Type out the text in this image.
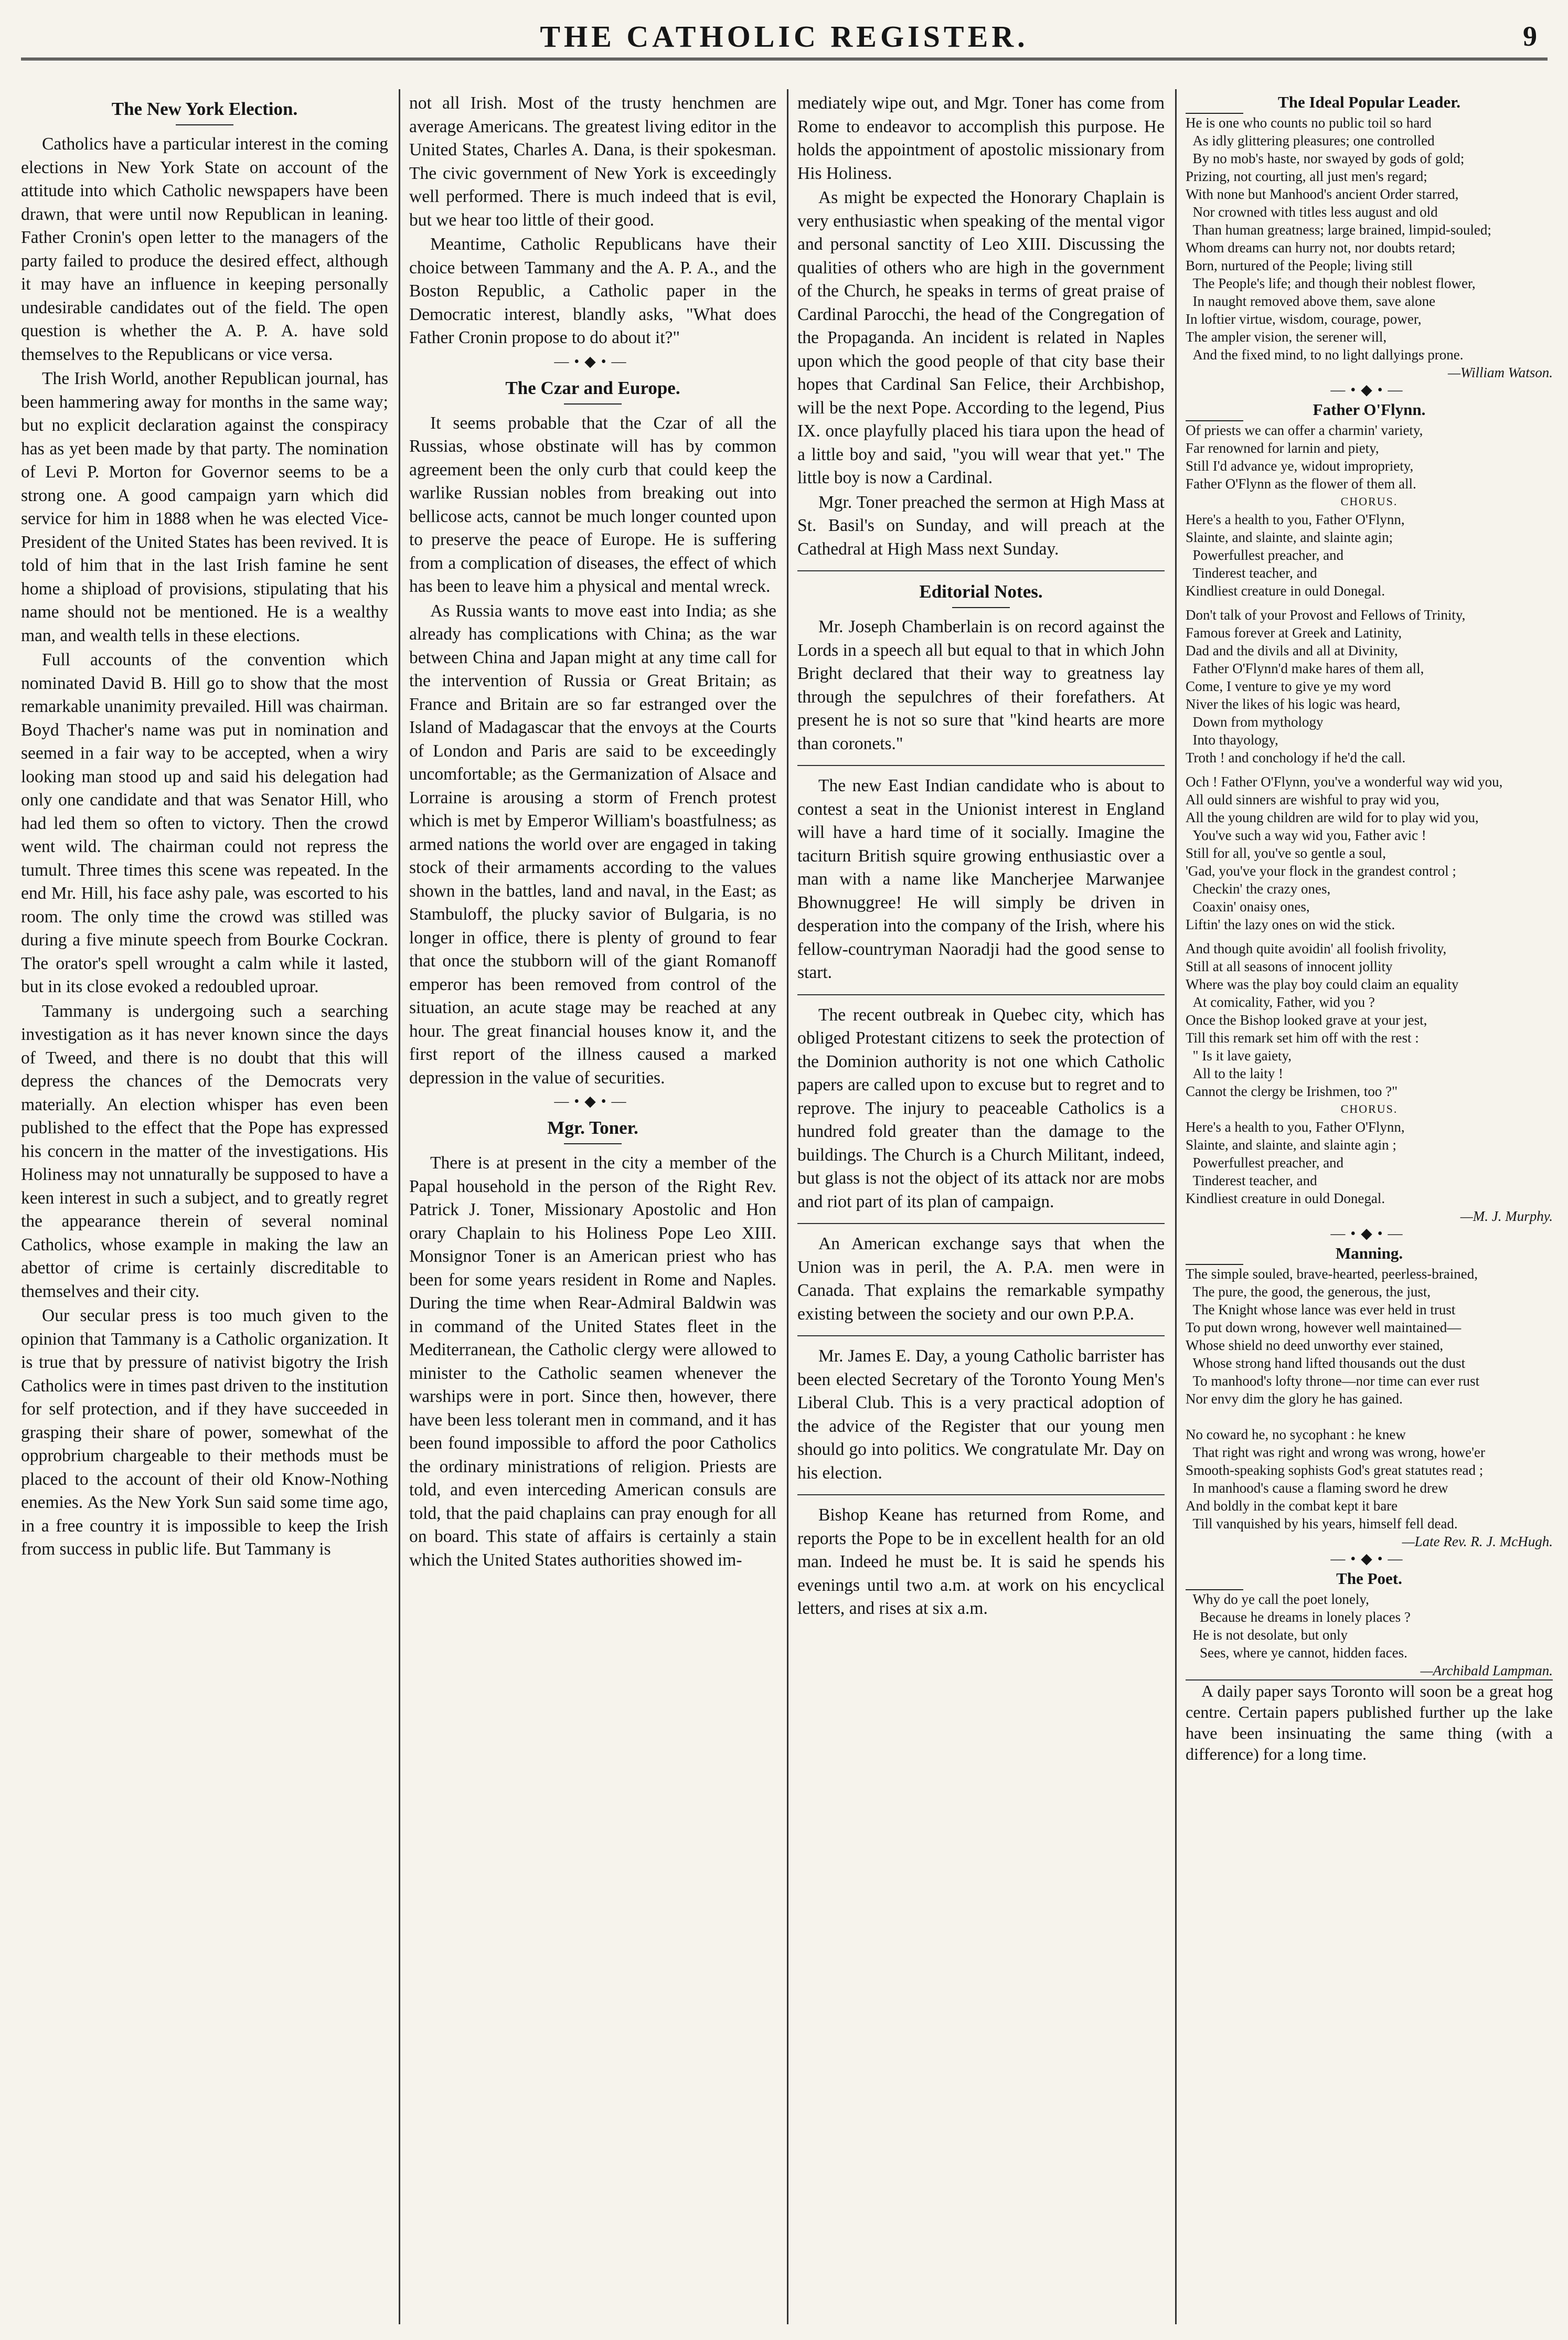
THE CATHOLIC REGISTER.	9
The New York Election.

Catholics have a particular interest in the coming elections in New York State on account of the attitude into which Catholic newspapers have been drawn, that were until now Republican in leaning. Father Cronin's open letter to the managers of the party failed to produce the desired effect, although it may have an influence in keeping personally undesirable candidates out of the field. The open question is whether the A. P. A. have sold themselves to the Republicans or vice versa.

The Irish World, another Republican journal, has been hammering away for months in the same way; but no explicit declaration against the conspiracy has as yet been made by that party. The nomination of Levi P. Morton for Governor seems to be a strong one. A good campaign yarn which did service for him in 1888 when he was elected Vice-President of the United States has been revived. It is told of him that in the last Irish famine he sent home a shipload of provisions, stipulating that his name should not be mentioned. He is a wealthy man, and wealth tells in these elections.

Full accounts of the convention which nominated David B. Hill go to show that the most remarkable unanimity prevailed. Hill was chairman. Boyd Thacher's name was put in nomination and seemed in a fair way to be accepted, when a wiry looking man stood up and said his delegation had only one candidate and that was Senator Hill, who had led them so often to victory. Then the crowd went wild. The chairman could not repress the tumult. Three times this scene was repeated. In the end Mr. Hill, his face ashy pale, was escorted to his room. The only time the crowd was stilled was during a five minute speech from Bourke Cockran. The orator's spell wrought a calm while it lasted, but in its close evoked a redoubled uproar.

Tammany is undergoing such a searching investigation as it has never known since the days of Tweed, and there is no doubt that this will depress the chances of the Democrats very materially. An election whisper has even been published to the effect that the Pope has expressed his concern in the matter of the investigations. His Holiness may not unnaturally be supposed to have a keen interest in such a subject, and to greatly regret the appearance therein of several nominal Catholics, whose example in making the law an abettor of crime is certainly discreditable to themselves and their city.

Our secular press is too much given to the opinion that Tammany is a Catholic organization. It is true that by pressure of nativist bigotry the Irish Catholics were in times past driven to the institution for self protection, and if they have succeeded in grasping their share of power, somewhat of the opprobrium chargeable to their methods must be placed to the account of their old Know-Nothing enemies. As the New York Sun said some time ago, in a free country it is impossible to keep the Irish from success in public life. But Tammany is

not all Irish. Most of the trusty henchmen are average Americans. The greatest living editor in the United States, Charles A. Dana, is their spokesman. The civic government of New York is exceedingly well performed. There is much indeed that is evil, but we hear too little of their good.

Meantime, Catholic Republicans have their choice between Tammany and the A. P. A., and the Boston Republic, a Catholic paper in the Democratic interest, blandly asks, "What does Father Cronin propose to do about it?"

—•◆•—
The Czar and Europe.

It seems probable that the Czar of all the Russias, whose obstinate will has by common agreement been the only curb that could keep the warlike Russian nobles from breaking out into bellicose acts, cannot be much longer counted upon to preserve the peace of Europe. He is suffering from a complication of diseases, the effect of which has been to leave him a physical and mental wreck.

As Russia wants to move east into India; as she already has complications with China; as the war between China and Japan might at any time call for the intervention of Russia or Great Britain; as France and Britain are so far estranged over the Island of Madagascar that the envoys at the Courts of London and Paris are said to be exceedingly uncomfortable; as the Germanization of Alsace and Lorraine is arousing a storm of French protest which is met by Emperor William's boastfulness; as armed nations the world over are engaged in taking stock of their armaments according to the values shown in the battles, land and naval, in the East; as Stambuloff, the plucky savior of Bulgaria, is no longer in office, there is plenty of ground to fear that once the stubborn will of the giant Romanoff emperor has been removed from control of the situation, an acute stage may be reached at any hour. The great financial houses know it, and the first report of the illness caused a marked depression in the value of securities.

—•◆•—
Mgr. Toner.

There is at present in the city a member of the Papal household in the person of the Right Rev. Patrick J. Toner, Missionary Apostolic and Hon orary Chaplain to his Holiness Pope Leo XIII. Monsignor Toner is an American priest who has been for some years resident in Rome and Naples. During the time when Rear-Admiral Baldwin was in command of the United States fleet in the Mediterranean, the Catholic clergy were allowed to minister to the Catholic seamen whenever the warships were in port. Since then, however, there have been less tolerant men in command, and it has been found impossible to afford the poor Catholics the ordinary ministrations of religion. Priests are told, and even interceding American consuls are told, that the paid chaplains can pray enough for all on board. This state of affairs is certainly a stain which the United States authorities showed im-

mediately wipe out, and Mgr. Toner has come from Rome to endeavor to accomplish this purpose. He holds the appointment of apostolic missionary from His Holiness.

As might be expected the Honorary Chaplain is very enthusiastic when speaking of the mental vigor and personal sanctity of Leo XIII. Discussing the qualities of others who are high in the government of the Church, he speaks in terms of great praise of Cardinal Parocchi, the head of the Congregation of the Propaganda. An incident is related in Naples upon which the good people of that city base their hopes that Cardinal San Felice, their Archbishop, will be the next Pope. According to the legend, Pius IX. once playfully placed his tiara upon the head of a little boy and said, "you will wear that yet." The little boy is now a Cardinal.

Mgr. Toner preached the sermon at High Mass at St. Basil's on Sunday, and will preach at the Cathedral at High Mass next Sunday.

Editorial Notes.

Mr. Joseph Chamberlain is on record against the Lords in a speech all but equal to that in which John Bright declared that their way to greatness lay through the sepulchres of their forefathers. At present he is not so sure that "kind hearts are more than coronets."

The new East Indian candidate who is about to contest a seat in the Unionist interest in England will have a hard time of it socially. Imagine the taciturn British squire growing enthusiastic over a man with a name like Mancherjee Marwanjee Bhownuggree! He will simply be driven in desperation into the company of the Irish, where his fellow-countryman Naoradji had the good sense to start.

The recent outbreak in Quebec city, which has obliged Protestant citizens to seek the protection of the Dominion authority is not one which Catholic papers are called upon to excuse but to regret and to reprove. The injury to peaceable Catholics is a hundred fold greater than the damage to the buildings. The Church is a Church Militant, indeed, but glass is not the object of its attack nor are mobs and riot part of its plan of campaign.

An American exchange says that when the Union was in peril, the A. P.A. men were in Canada. That explains the remarkable sympathy existing between the society and our own P.P.A.

Mr. James E. Day, a young Catholic barrister has been elected Secretary of the Toronto Young Men's Liberal Club. This is a very practical adoption of the advice of the Register that our young men should go into politics. We congratulate Mr. Day on his election.

Bishop Keane has returned from Rome, and reports the Pope to be in excellent health for an old man. Indeed he must be. It is said he spends his evenings until two a.m. at work on his encyclical letters, and rises at six a.m.

The Ideal Popular Leader.
He is one who counts no public toil so hard
As idly glittering pleasures; one controlled
By no mob's haste, nor swayed by gods of gold;
Prizing, not courting, all just men's regard;
With none but Manhood's ancient Order starred,
Nor crowned with titles less august and old
Than human greatness; large brained, limpid-souled;
Whom dreams can hurry not, nor doubts retard;
Born, nurtured of the People; living still
The People's life; and though their noblest flower,
In naught removed above them, save alone
In loftier virtue, wisdom, courage, power,
The ampler vision, the serener will,
And the fixed mind, to no light dallyings prone.
—William Watson.
—•◆•—
Father O'Flynn.
Of priests we can offer a charmin' variety,
Far renowned for larnin and piety,
Still I'd advance ye, widout impropriety,
Father O'Flynn as the flower of them all.
CHORUS.
Here's a health to you, Father O'Flynn,
Slainte, and slainte, and slainte agin;
Powerfullest preacher, and
Tinderest teacher, and
Kindliest creature in ould Donegal.
Don't talk of your Provost and Fellows of Trinity,
Famous forever at Greek and Latinity,
Dad and the divils and all at Divinity,
Father O'Flynn'd make hares of them all,
Come, I venture to give ye my word
Niver the likes of his logic was heard,
Down from mythology
Into thayology,
Troth ! and conchology if he'd the call.
Och ! Father O'Flynn, you've a wonderful way wid you,
All ould sinners are wishful to pray wid you,
All the young children are wild for to play wid you,
You've such a way wid you, Father avic !
Still for all, you've so gentle a soul,
'Gad, you've your flock in the grandest control ;
Checkin' the crazy ones,
Coaxin' onaisy ones,
Liftin' the lazy ones on wid the stick.
And though quite avoidin' all foolish frivolity,
Still at all seasons of innocent jollity
Where was the play boy could claim an equality
At comicality, Father, wid you ?
Once the Bishop looked grave at your jest,
Till this remark set him off with the rest :
" Is it lave gaiety,
All to the laity !
Cannot the clergy be Irishmen, too ?"
CHORUS.
Here's a health to you, Father O'Flynn,
Slainte, and slainte, and slainte agin ;
Powerfullest preacher, and
Tinderest teacher, and
Kindliest creature in ould Donegal.
—M. J. Murphy.
—•◆•—
Manning.
The simple souled, brave-hearted, peerless-brained,
The pure, the good, the generous, the just,
The Knight whose lance was ever held in trust
To put down wrong, however well maintained—
Whose shield no deed unworthy ever stained,
Whose strong hand lifted thousands out the dust
To manhood's lofty throne—nor time can ever rust
Nor envy dim the glory he has gained.

No coward he, no sycophant : he knew
That right was right and wrong was wrong, howe'er
Smooth-speaking sophists God's great statutes read ;
In manhood's cause a flaming sword he drew
And boldly in the combat kept it bare
Till vanquished by his years, himself fell dead.
—Late Rev. R. J. McHugh.
—•◆•—
The Poet.
Why do ye call the poet lonely,
Because he dreams in lonely places ?
He is not desolate, but only
Sees, where ye cannot, hidden faces.
—Archibald Lampman.

A daily paper says Toronto will soon be a great hog centre. Certain papers published further up the lake have been insinuating the same thing (with a difference) for a long time.
